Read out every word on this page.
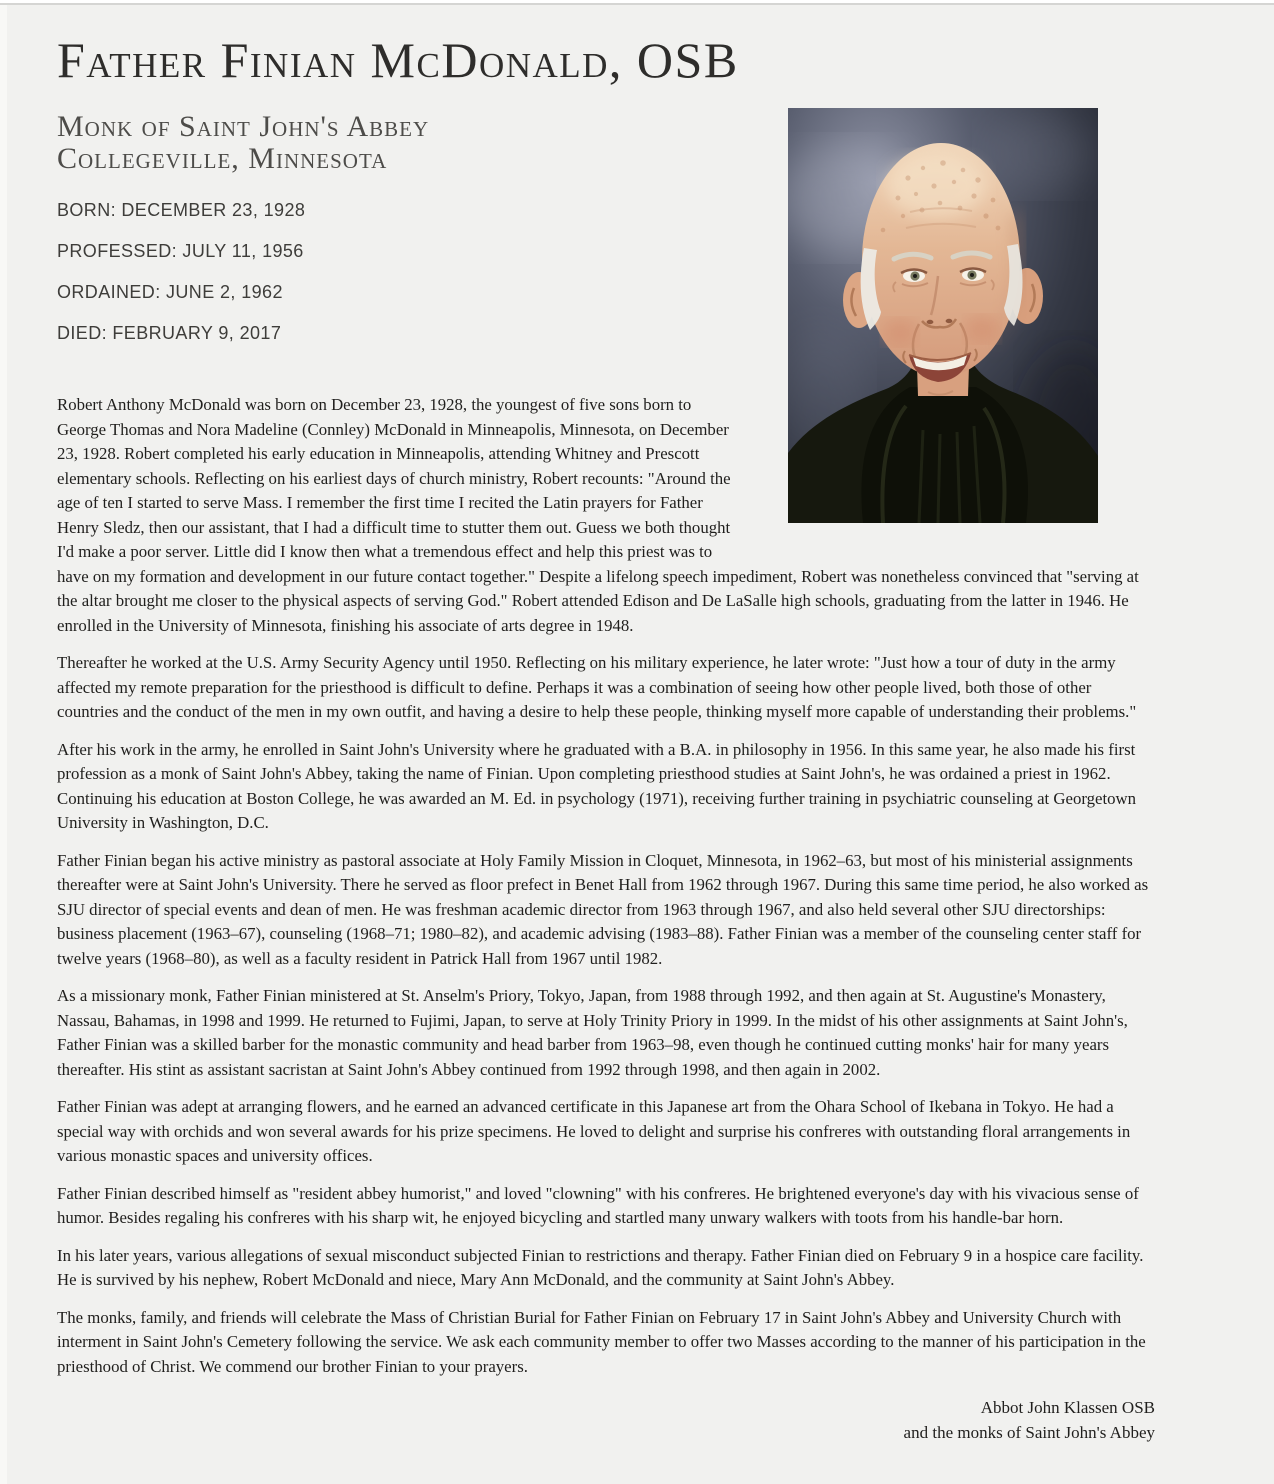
Father Finian McDonald, OSB
Monk of Saint John's Abbey
Collegeville, Minnesota

BORN: DECEMBER 23, 1928

PROFESSED: JULY 11, 1956

ORDAINED: JUNE 2, 1962

DIED: FEBRUARY 9, 2017

Robert Anthony McDonald was born on December 23, 1928, the youngest of five sons born to George Thomas and Nora Madeline (Connley) McDonald in Minneapolis, Minnesota, on December 23, 1928. Robert completed his early education in Minneapolis, attending Whitney and Prescott elementary schools. Reflecting on his earliest days of church ministry, Robert recounts: "Around the age of ten I started to serve Mass. I remember the first time I recited the Latin prayers for Father Henry Sledz, then our assistant, that I had a difficult time to stutter them out. Guess we both thought I'd make a poor server. Little did I know then what a tremendous effect and help this priest was to have on my formation and development in our future contact together." Despite a lifelong speech impediment, Robert was nonetheless convinced that "serving at the altar brought me closer to the physical aspects of serving God." Robert attended Edison and De LaSalle high schools, graduating from the latter in 1946. He enrolled in the University of Minnesota, finishing his associate of arts degree in 1948.

Thereafter he worked at the U.S. Army Security Agency until 1950. Reflecting on his military experience, he later wrote: "Just how a tour of duty in the army affected my remote preparation for the priesthood is difficult to define. Perhaps it was a combination of seeing how other people lived, both those of other countries and the conduct of the men in my own outfit, and having a desire to help these people, thinking myself more capable of understanding their problems."

After his work in the army, he enrolled in Saint John's University where he graduated with a B.A. in philosophy in 1956. In this same year, he also made his first profession as a monk of Saint John's Abbey, taking the name of Finian. Upon completing priesthood studies at Saint John's, he was ordained a priest in 1962. Continuing his education at Boston College, he was awarded an M. Ed. in psychology (1971), receiving further training in psychiatric counseling at Georgetown University in Washington, D.C.

Father Finian began his active ministry as pastoral associate at Holy Family Mission in Cloquet, Minnesota, in 1962–63, but most of his ministerial assignments thereafter were at Saint John's University. There he served as floor prefect in Benet Hall from 1962 through 1967. During this same time period, he also worked as SJU director of special events and dean of men. He was freshman academic director from 1963 through 1967, and also held several other SJU directorships: business placement (1963–67), counseling (1968–71; 1980–82), and academic advising (1983–88). Father Finian was a member of the counseling center staff for twelve years (1968–80), as well as a faculty resident in Patrick Hall from 1967 until 1982.

As a missionary monk, Father Finian ministered at St. Anselm's Priory, Tokyo, Japan, from 1988 through 1992, and then again at St. Augustine's Monastery, Nassau, Bahamas, in 1998 and 1999. He returned to Fujimi, Japan, to serve at Holy Trinity Priory in 1999. In the midst of his other assignments at Saint John's, Father Finian was a skilled barber for the monastic community and head barber from 1963–98, even though he continued cutting monks' hair for many years thereafter. His stint as assistant sacristan at Saint John's Abbey continued from 1992 through 1998, and then again in 2002.

Father Finian was adept at arranging flowers, and he earned an advanced certificate in this Japanese art from the Ohara School of Ikebana in Tokyo. He had a special way with orchids and won several awards for his prize specimens. He loved to delight and surprise his confreres with outstanding floral arrangements in various monastic spaces and university offices.

Father Finian described himself as "resident abbey humorist," and loved "clowning" with his confreres. He brightened everyone's day with his vivacious sense of humor. Besides regaling his confreres with his sharp wit, he enjoyed bicycling and startled many unwary walkers with toots from his handle-bar horn.

In his later years, various allegations of sexual misconduct subjected Finian to restrictions and therapy. Father Finian died on February 9 in a hospice care facility. He is survived by his nephew, Robert McDonald and niece, Mary Ann McDonald, and the community at Saint John's Abbey.

The monks, family, and friends will celebrate the Mass of Christian Burial for Father Finian on February 17 in Saint John's Abbey and University Church with interment in Saint John's Cemetery following the service. We ask each community member to offer two Masses according to the manner of his participation in the priesthood of Christ. We commend our brother Finian to your prayers.

Abbot John Klassen OSB

and the monks of Saint John's Abbey
